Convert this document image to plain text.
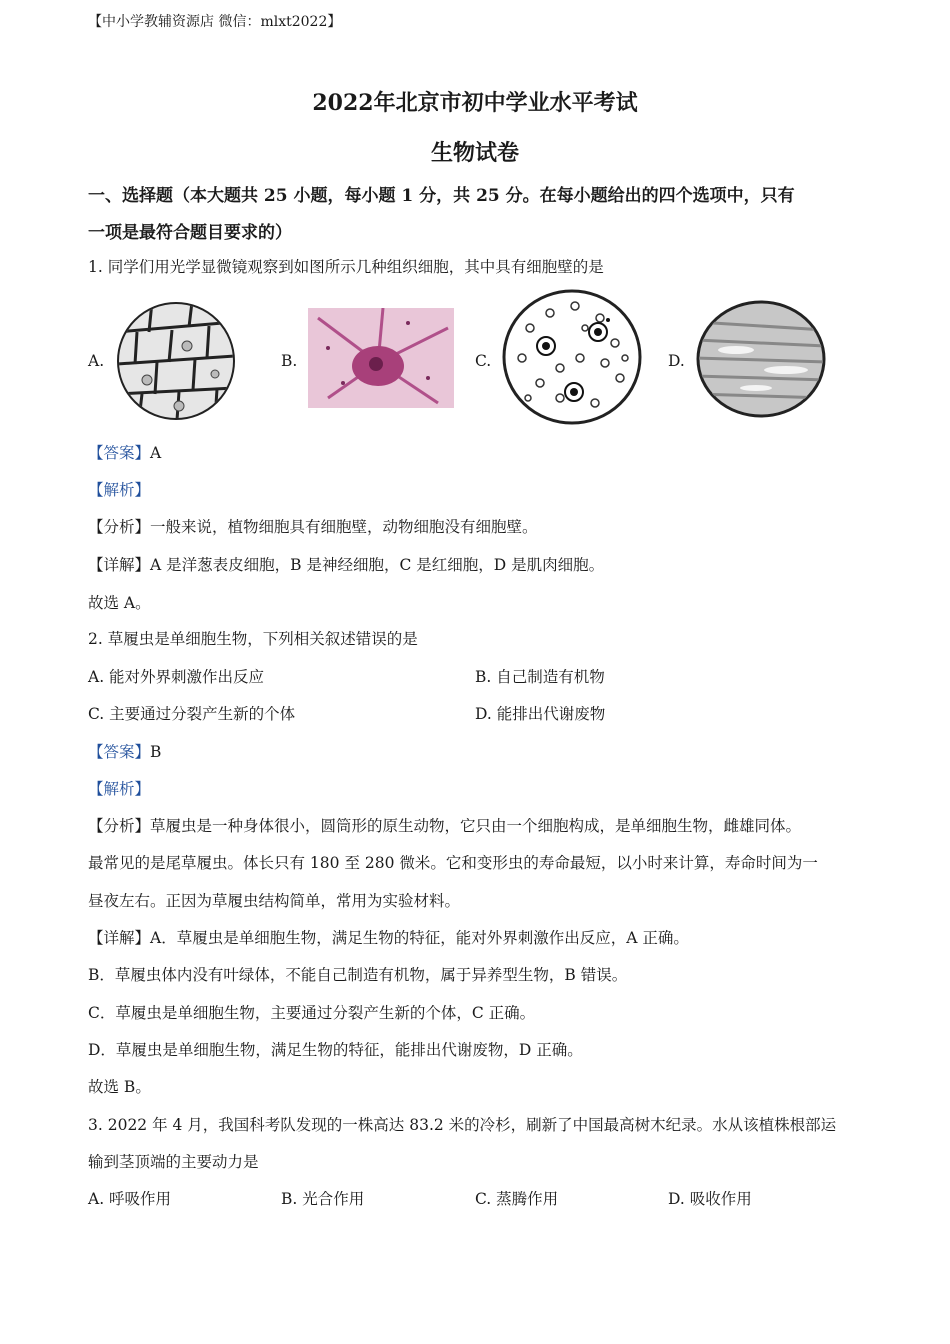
【中小学教辅资源店 微信：mlxt2022】
2022年北京市初中学业水平考试
生物试卷
一、选择题（本大题共 25 小题，每小题 1 分，共 25 分。在每小题给出的四个选项中，只有
一项是最符合题目要求的）
1. 同学们用光学显微镜观察到如图所示几种组织细胞，其中具有细胞壁的是
A.	B.	C.	D.
【答案】A
【解析】
【分析】一般来说，植物细胞具有细胞壁，动物细胞没有细胞壁。
【详解】A 是洋葱表皮细胞，B 是神经细胞，C 是红细胞，D 是肌肉细胞。
故选 A。
2. 草履虫是单细胞生物，下列相关叙述错误的是
A. 能对外界刺激作出反应	B. 自己制造有机物
C. 主要通过分裂产生新的个体	D. 能排出代谢废物
【答案】B
【解析】
【分析】草履虫是一种身体很小，圆筒形的原生动物，它只由一个细胞构成，是单细胞生物，雌雄同体。
最常见的是尾草履虫。体长只有 180 至 280 微米。它和变形虫的寿命最短，以小时来计算，寿命时间为一
昼夜左右。正因为草履虫结构简单，常用为实验材料。
【详解】A．草履虫是单细胞生物，满足生物的特征，能对外界刺激作出反应，A 正确。
B．草履虫体内没有叶绿体，不能自己制造有机物，属于异养型生物，B 错误。
C．草履虫是单细胞生物，主要通过分裂产生新的个体，C 正确。
D．草履虫是单细胞生物，满足生物的特征，能排出代谢废物，D 正确。
故选 B。
3. 2022 年 4 月，我国科考队发现的一株高达 83.2 米的冷杉，刷新了中国最高树木纪录。水从该植株根部运
输到茎顶端的主要动力是
A. 呼吸作用	B. 光合作用	C. 蒸腾作用	D. 吸收作用
